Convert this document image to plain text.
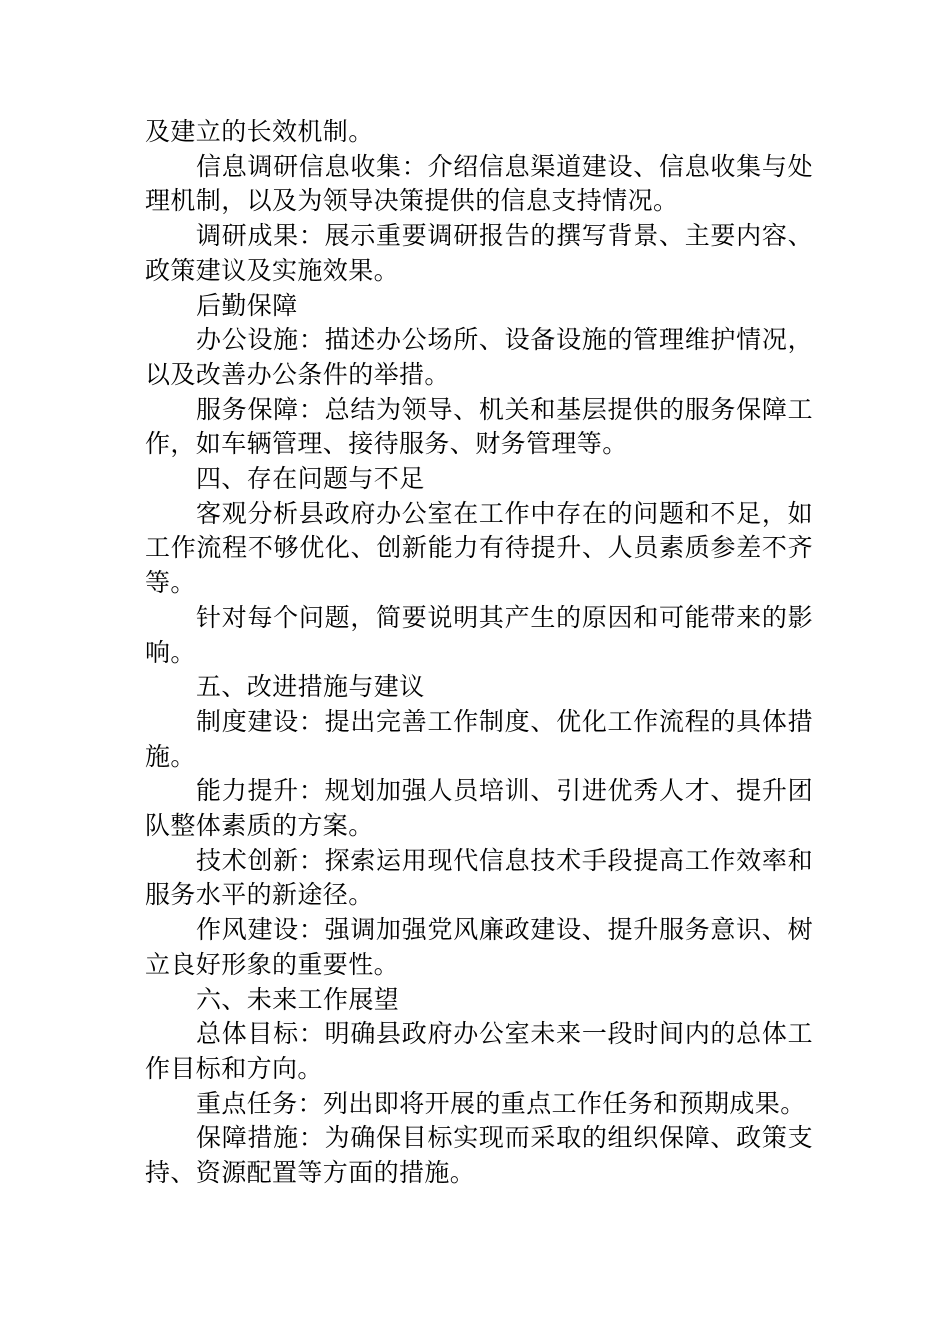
及建立的长效机制。

信息调研信息收集：介绍信息渠道建设、信息收集与处理机制，以及为领导决策提供的信息支持情况。

调研成果：展示重要调研报告的撰写背景、主要内容、政策建议及实施效果。

后勤保障

办公设施：描述办公场所、设备设施的管理维护情况，以及改善办公条件的举措。

服务保障：总结为领导、机关和基层提供的服务保障工作，如车辆管理、接待服务、财务管理等。

四、存在问题与不足

客观分析县政府办公室在工作中存在的问题和不足，如工作流程不够优化、创新能力有待提升、人员素质参差不齐等。

针对每个问题，简要说明其产生的原因和可能带来的影响。

五、改进措施与建议

制度建设：提出完善工作制度、优化工作流程的具体措施。

能力提升：规划加强人员培训、引进优秀人才、提升团队整体素质的方案。

技术创新：探索运用现代信息技术手段提高工作效率和服务水平的新途径。

作风建设：强调加强党风廉政建设、提升服务意识、树立良好形象的重要性。

六、未来工作展望

总体目标：明确县政府办公室未来一段时间内的总体工作目标和方向。

重点任务：列出即将开展的重点工作任务和预期成果。

保障措施：为确保目标实现而采取的组织保障、政策支持、资源配置等方面的措施。
